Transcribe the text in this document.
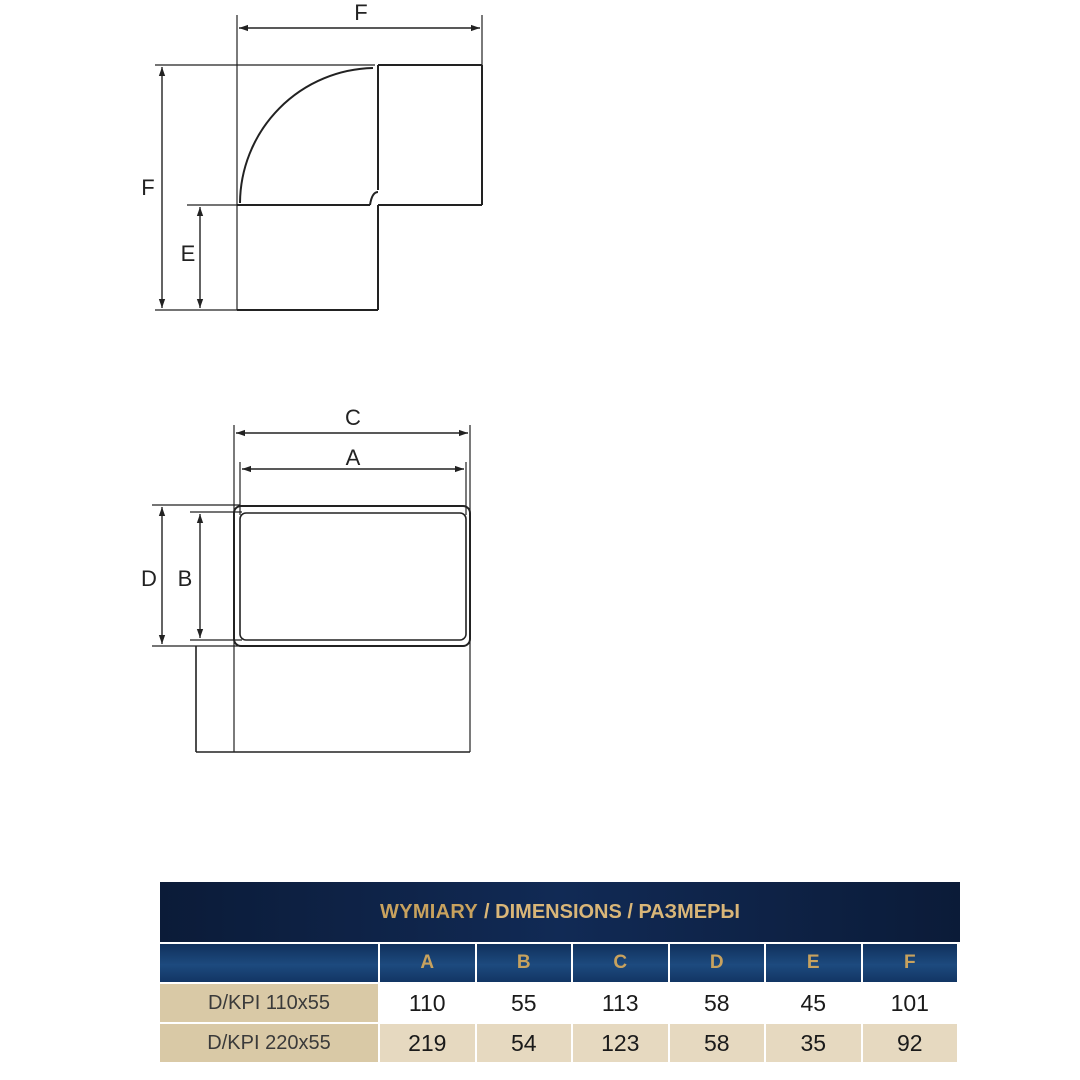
F
F
E
C
A
D B
WYMIARY / DIMENSIONS / РАЗМЕРЫ
A	B	C	D	E	F
D/KPI 110x55	110	55	113	58	45	101
D/KPI 220x55	219	54	123	58	35	92
